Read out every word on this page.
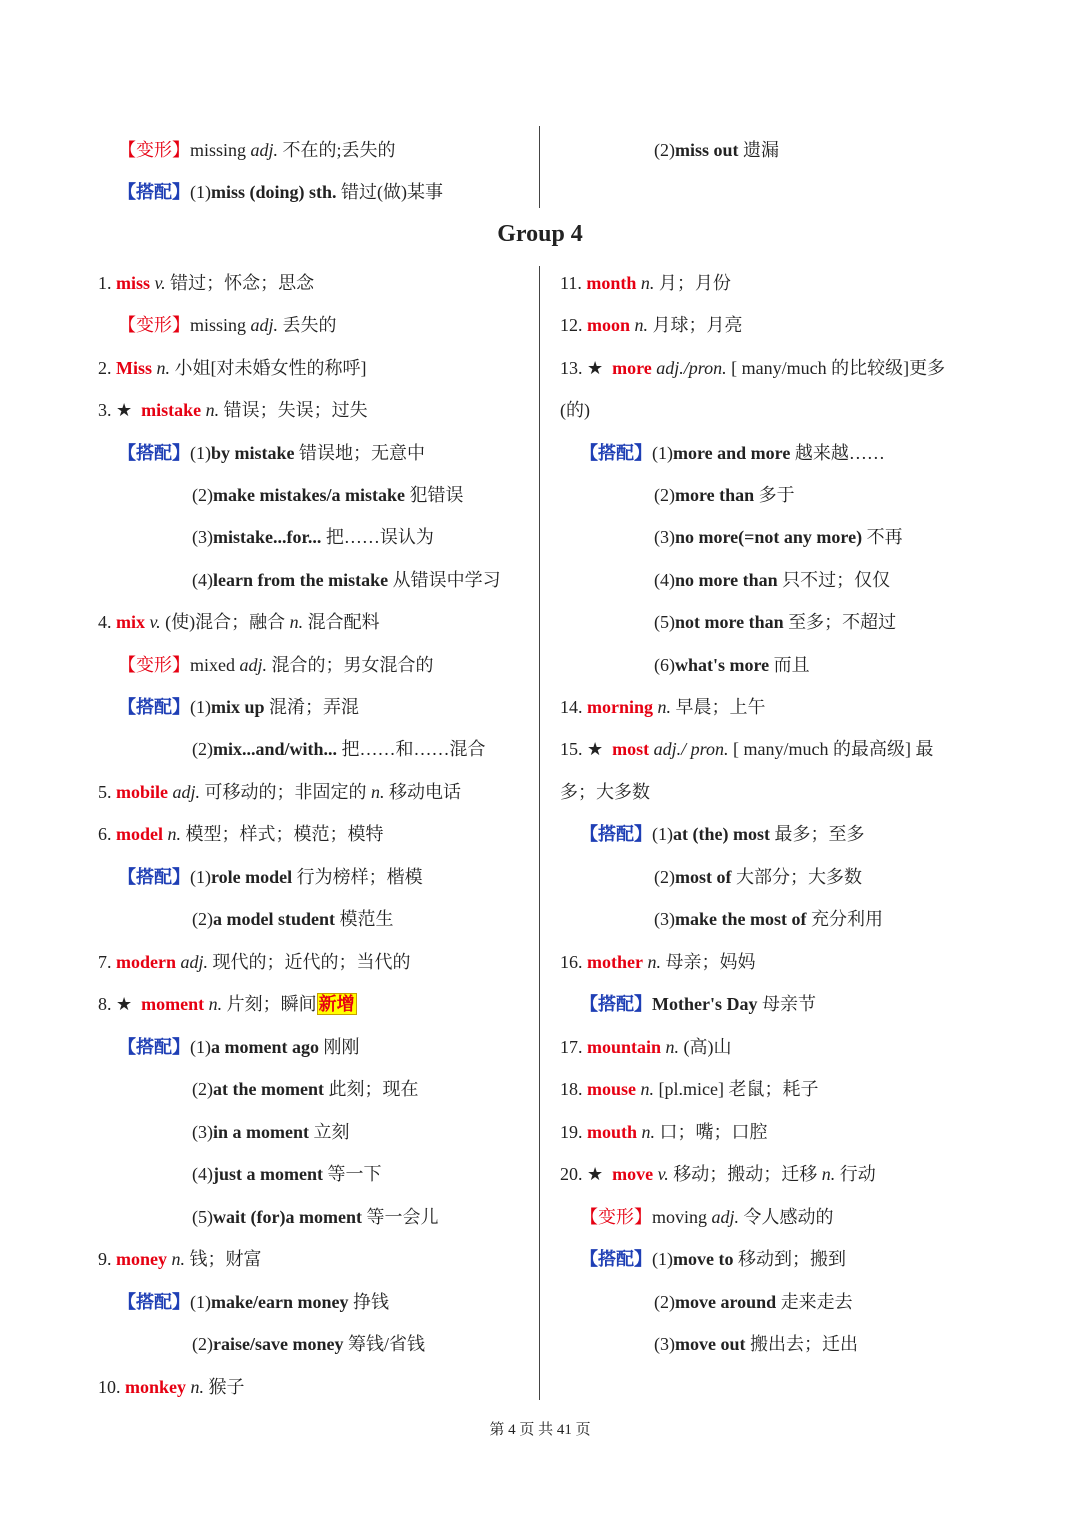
【变形】missing adj. 不在的;丢失的
【搭配】(1)miss (doing) sth. 错过(做)某事
(2)miss out 遗漏
Group 4
1. miss v. 错过；怀念；思念
【变形】missing adj. 丢失的
2. Miss n. 小姐[对未婚女性的称呼]
3. ★ mistake n. 错误；失误；过失
【搭配】(1)by mistake 错误地；无意中
(2)make mistakes/a mistake 犯错误
(3)mistake...for... 把……误认为
(4)learn from the mistake 从错误中学习
4. mix v. (使)混合；融合 n. 混合配料
【变形】mixed adj. 混合的；男女混合的
【搭配】(1)mix up 混淆；弄混
(2)mix...and/with... 把……和……混合
5. mobile adj. 可移动的；非固定的 n. 移动电话
6. model n. 模型；样式；模范；模特
【搭配】(1)role model 行为榜样；楷模
(2)a model student 模范生
7. modern adj. 现代的；近代的；当代的
8. ★ moment n. 片刻；瞬间 新增
【搭配】(1)a moment ago 刚刚
(2)at the moment 此刻；现在
(3)in a moment 立刻
(4)just a moment 等一下
(5)wait (for)a moment 等一会儿
9. money n. 钱；财富
【搭配】(1)make/earn money 挣钱
(2)raise/save money 筹钱/省钱
10. monkey n. 猴子
11. month n. 月；月份
12. moon n. 月球；月亮
13. ★ more adj./pron. [ many/much 的比较级]更多
(的)
【搭配】(1)more and more 越来越……
(2)more than 多于
(3)no more(=not any more) 不再
(4)no more than 只不过；仅仅
(5)not more than 至多；不超过
(6)what's more 而且
14. morning n. 早晨；上午
15. ★ most adj./ pron. [ many/much 的最高级] 最
多；大多数
【搭配】(1)at (the) most 最多；至多
(2)most of 大部分；大多数
(3)make the most of 充分利用
16. mother n. 母亲；妈妈
【搭配】Mother's Day 母亲节
17. mountain n. (高)山
18. mouse n. [pl.mice] 老鼠；耗子
19. mouth n. 口；嘴；口腔
20. ★ move v. 移动；搬动；迁移 n. 行动
【变形】moving adj. 令人感动的
【搭配】(1)move to 移动到；搬到
(2)move around 走来走去
(3)move out 搬出去；迁出
第 4 页 共 41 页
